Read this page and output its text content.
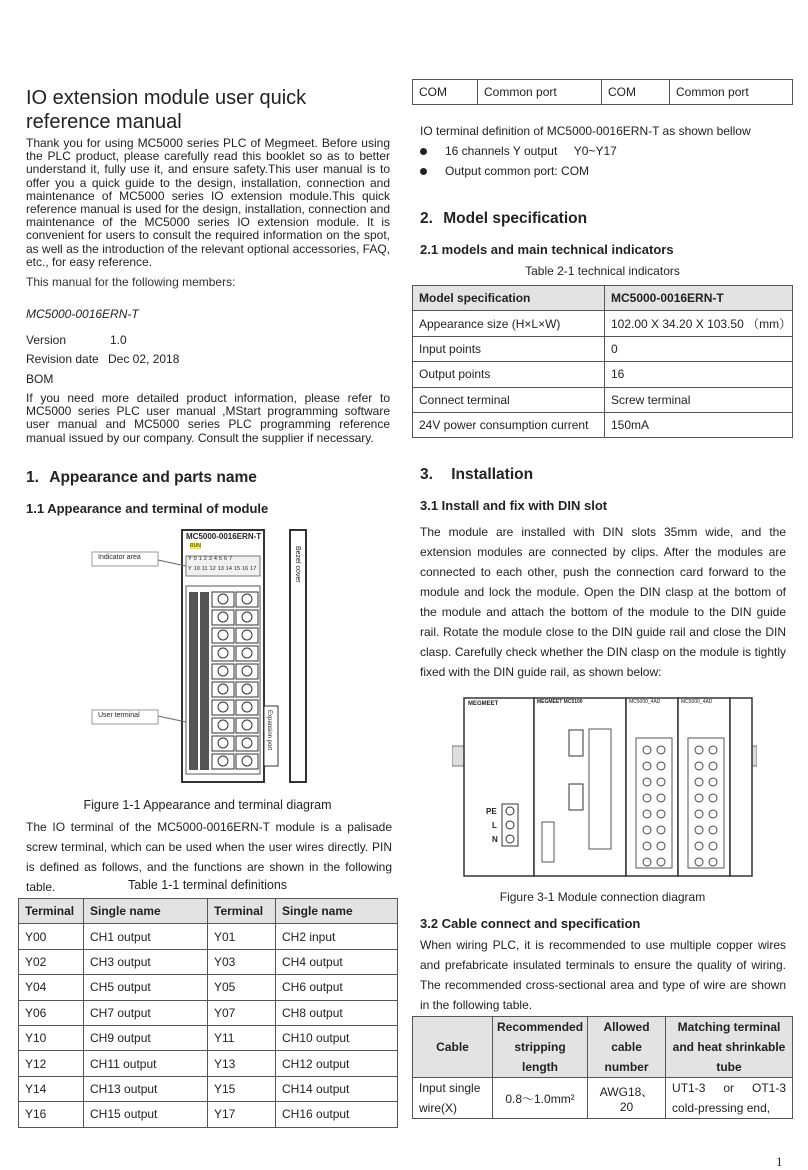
IO extension module user quick
reference manual
Thank you for using MC5000 series PLC of Megmeet. Before using the PLC product, please carefully read this booklet so as to better understand it, fully use it, and ensure safety.This user manual is to offer you a quick guide to the design, installation, connection and maintenance of MC5000 series IO extension module.This quick reference manual is used for the design, installation, connection and maintenance of the MC5000 series IO extension module. It is convenient for users to consult the required information on the spot, as well as the introduction of the relevant optional accessories, FAQ, etc., for easy reference.
This manual for the following members:
MC5000-0016ERN-T
Version	1.0
Revision date Dec 02, 2018
BOM
If you need more detailed product information, please refer to MC5000 series PLC user manual ,MStart programming software user manual and MC5000 series PLC programming reference manual issued by our company. Consult the supplier if necessary.
1. Appearance and parts name
1.1 Appearance and terminal of module
MC5000-0016ERN-T
RUN
Y 0 1 2 3 4 5 6 7
Y 10 11 12 13 14 15 16 17
Indicator area
User terminal
Bezel cover
Expansion port
Figure 1-1 Appearance and terminal diagram
The IO terminal of the MC5000-0016ERN-T module is a palisade screw terminal, which can be used when the user wires directly. PIN is defined as follows, and the functions are shown in the following table.	Table 1-1 terminal definitions
Terminal	Single name	Terminal	Single name
Y00	CH1 output	Y01	CH2 input
Y02	CH3 output	Y03	CH4 output
Y04	CH5 output	Y05	CH6 output
Y06	CH7 output	Y07	CH8 output
Y10	CH9 output	Y11	CH10 output
Y12	CH11 output	Y13	CH12 output
Y14	CH13 output	Y15	CH14 output
Y16	CH15 output	Y17	CH16 output
COM	Common port	COM	Common port
IO terminal definition of MC5000-0016ERN-T as shown bellow
16 channels Y output     Y0~Y17
Output common port: COM
2. Model specification
2.1 models and main technical indicators
Table 2-1 technical indicators
Model specification	MC5000-0016ERN-T
Appearance size (H×L×W)	102.00 X 34.20 X 103.50 （mm）
Input points	0
Output points	16
Connect terminal	Screw terminal
24V power consumption current	150mA
3. Installation
3.1 Install and fix with DIN slot
The module are installed with DIN slots 35mm wide, and the extension modules are connected by clips. After the modules are connected to each other, push the connection card forward to the module and lock the module. Open the DIN clasp at the bottom of the module and attach the bottom of the module to the DIN guide rail. Rotate the module close to the DIN guide rail and close the DIN clasp. Carefully check whether the DIN clasp on the module is tightly fixed with the DIN guide rail, as shown below:
MEGMEET	MEGMEET MC5100	MC5000_4AD	MC5000_4AD
PE
L
N
Figure 3-1 Module connection diagram
3.2 Cable connect and specification
When wiring PLC, it is recommended to use multiple copper wires and prefabricate insulated terminals to ensure the quality of wiring. The recommended cross-sectional area and type of wire are shown in the following table.
Cable	Recommended stripping length	Allowed cable number	Matching terminal and heat shrinkable tube
Input single wire(X)	0.8～1.0mm²	AWG18、20	UT1-3 or OT1-3 cold-pressing end,
1
